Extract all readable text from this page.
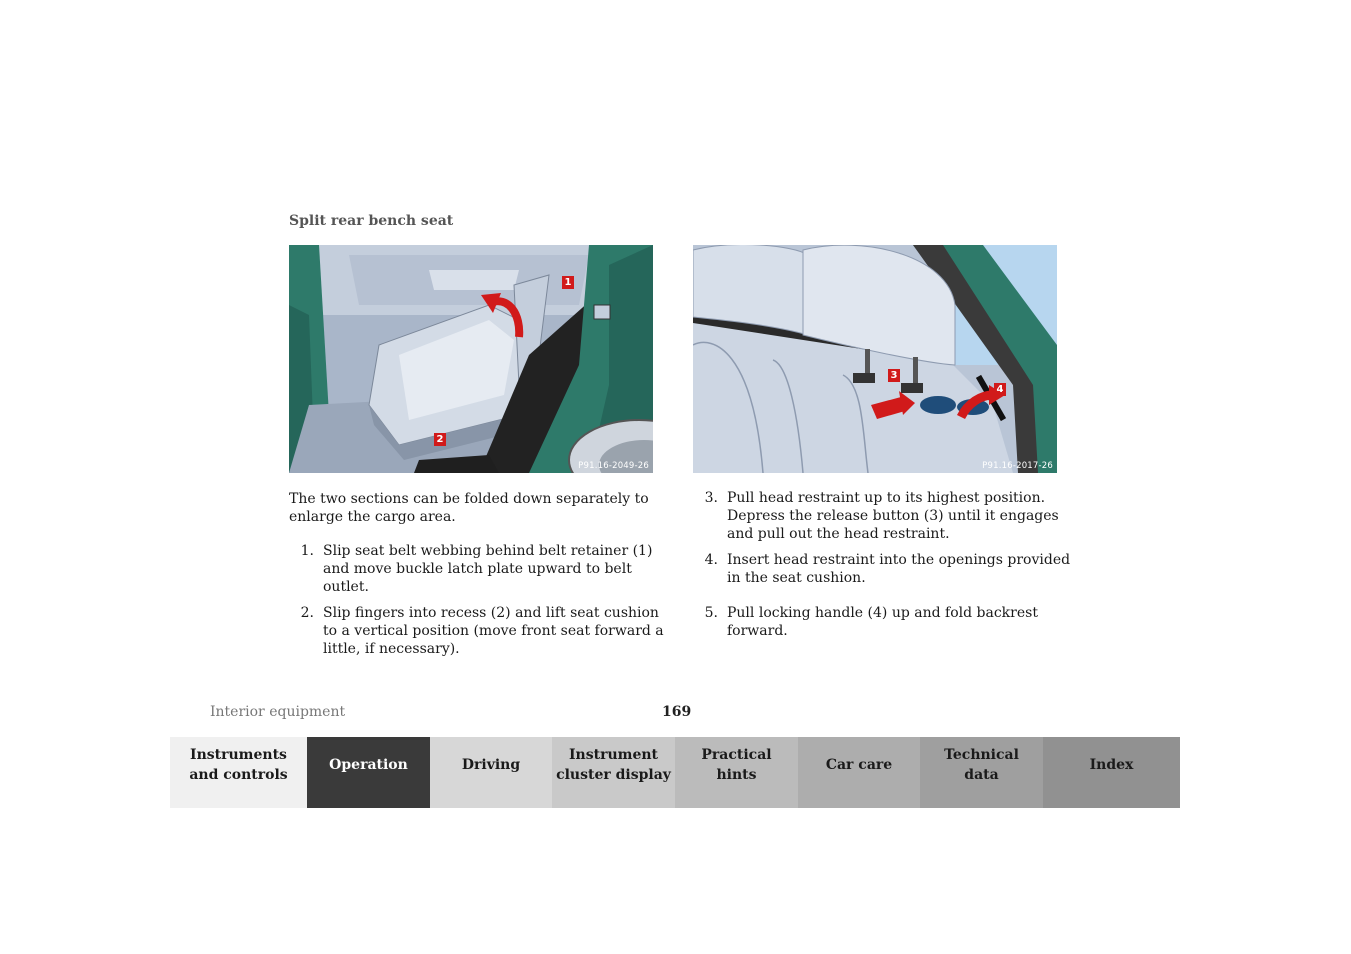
Split rear bench seat
1
2
P91.16-2049-26
3
4
P91.16-2017-26

The two sections can be folded down separately to enlarge the cargo area.

1. Slip seat belt webbing behind belt retainer (1) and move buckle latch plate upward to belt outlet.
2. Slip fingers into recess (2) and lift seat cushion to a vertical position (move front seat forward a little, if necessary).
3. Pull head restraint up to its highest position. Depress the release button (3) until it engages and pull out the head restraint.
4. Insert head restraint into the openings provided in the seat cushion.
5. Pull locking handle (4) up and fold backrest forward.
Interior equipment	169
Instruments
and controls
Operation	Driving
Instrument
cluster display
Practical hints
Car care
Technical
data
Index
